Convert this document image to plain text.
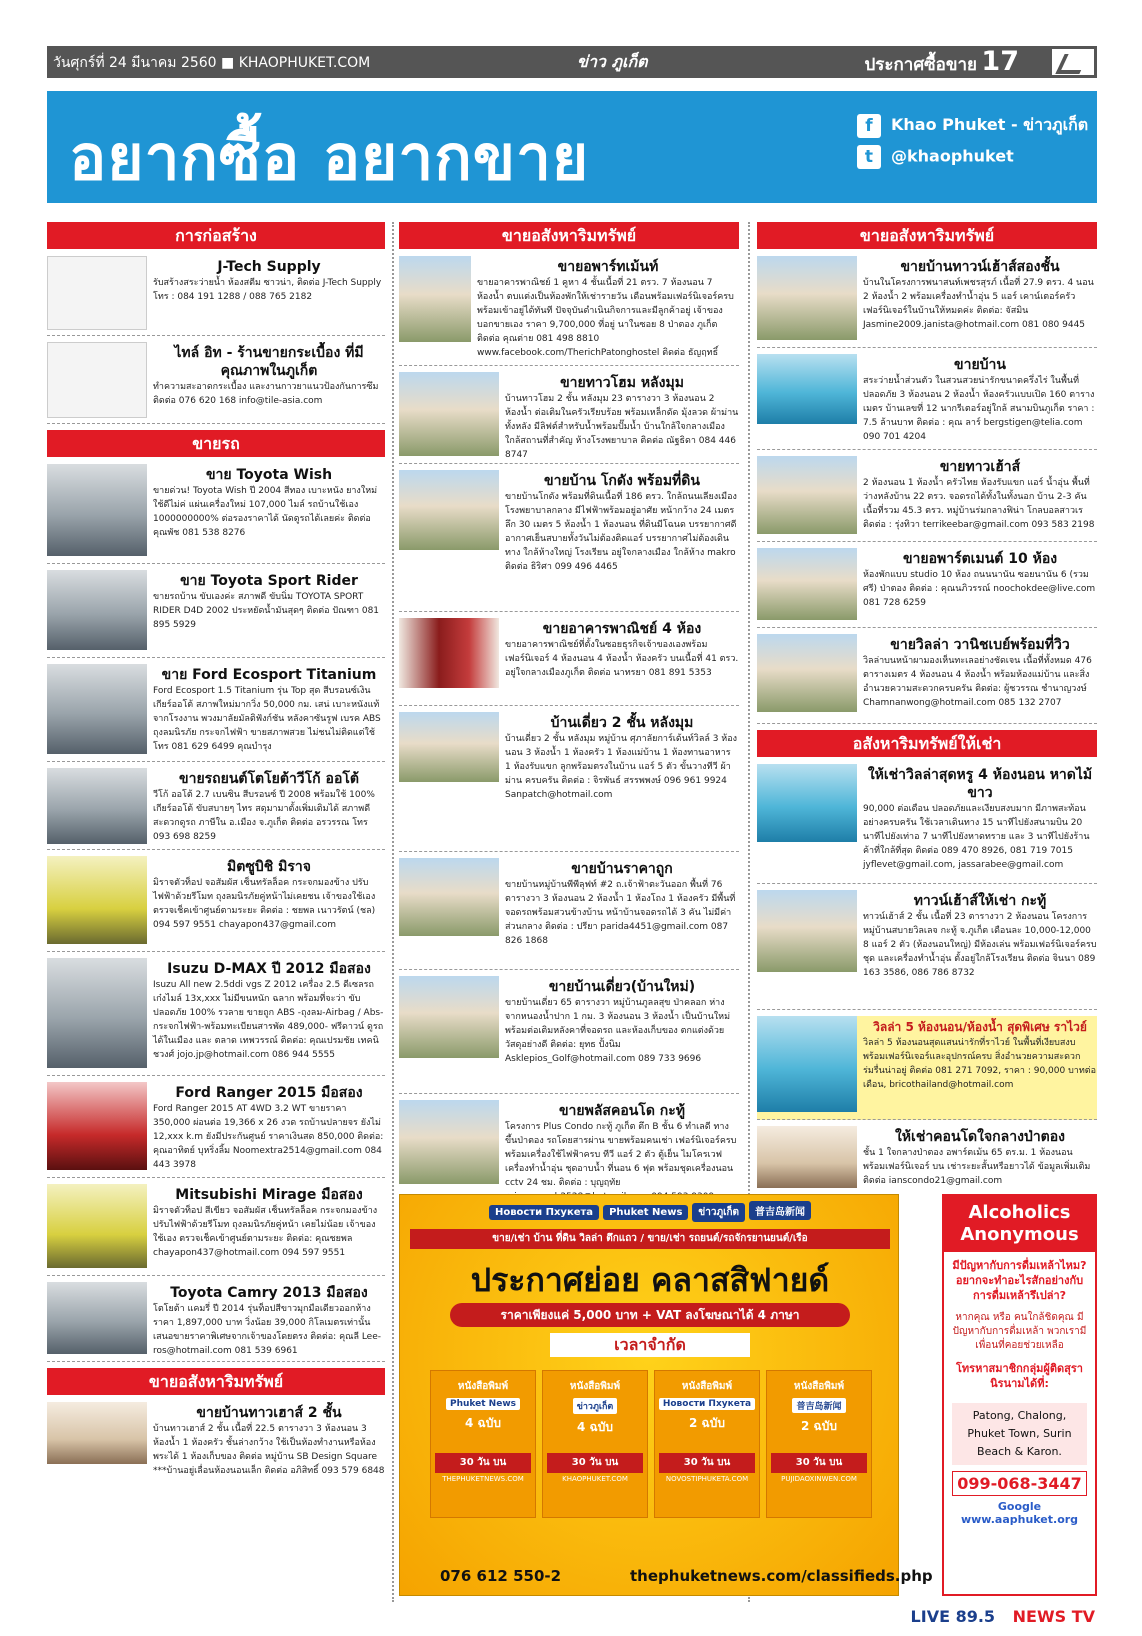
วันศุกร์ที่ 24 มีนาคม 2560 ■ KHAOPHUKET.COM	ข่าว ภูเก็ต	ประกาศซื้อขาย 17
อยากซื้อ อยากขาย	f Khao Phuket - ข่าวภูเก็ต
t @khaophuket
การก่อสร้าง
J-Tech Supply
รับสร้างสระว่ายน้ำ ห้องสตีม ซาวน่า, ติดต่อ J-Tech Supply โทร : 084 191 1288 / 088 765 2182
ไทล์ อิท - ร้านขายกระเบื้อง ที่มีคุณภาพในภูเก็ต
ทำความสะอาดกระเบื้อง และงานกาวยาแนวป้องกันการซึม ติดต่อ 076 620 168 info@tile-asia.com
ขายรถ
ขาย Toyota Wish
ขายด่วน! Toyota Wish ปี 2004 สีทอง เบาะหนัง ยางใหม่ ใช้ดีไม่ค่ แผ่นเครื่องใหม่ 107,000 ไมล์ รถบ้านใช้เอง 1000000000% ต่อรองราคาได้ นัดดูรถได้เลยค่ะ ติดต่อ คุณพัช 081 538 8276
ขาย Toyota Sport Rider
ขายรถบ้าน ขับเองค่ะ สภาพดี ขับนิ่ม TOYOTA SPORT RIDER D4D 2002 ประหยัดน้ำมันสุดๆ ติดต่อ ปัณฑา 081 895 5929
ขาย Ford Ecosport Titanium
Ford Ecosport 1.5 Titanium รุ่น Top สุด สีบรอนซ์เงิน เกียร์ออโต้ สภาพใหม่มากวิ่ง 50,000 กม. เสน่ เบาะหนังแท้ จากโรงงาน พวงมาลัยมัลติฟังก์ชัน หลังคาซันรูฟ เบรค ABS ถุงลมนิรภัย กระจกไฟฟ้า ขายสภาพสวย ไม่ชนไม่ติดแต่ใช้ โทร 081 629 6499 คุณบำรุง
ขายรถยนต์โตโยต้าวีโก้ ออโต้
วีโก้ ออโต้ 2.7 เบนซิน สีบรอนซ์ ปี 2008 พร้อมใช้ 100% เกียร์ออโต้ ขับสบายๆ ไทร สดุมามาตั้งเพิ่มเติมได้ สภาพดี สะดวกดูรถ ภาษีใน อ.เมือง จ.ภูเก็ต ติดต่อ อรวรรณ โทร 093 698 8259
มิตซูบิชิ มิราจ
มิราจตัวท็อป จอสัมผัส เซ็นทรัลล็อค กระจกมองข้าง ปรับไฟฟ้าด้วยรีโมท ถุงลมนิรภัยคู่หน้าไม่เคยชน เจ้าของใช้เอง ตรวจเช็คเข้าศูนย์ตามระยะ ติดต่อ : ชยพล เนาวรัตน์ (ชล) 094 597 9551 chayapon437@gmail.com
Isuzu D-MAX ปี 2012 มือสอง
Isuzu All new 2.5ddi vgs Z 2012 เครื่อง 2.5 ดีเซลรถเก๋งไมล์ 13x,xxx ไม่มีขนหนัก ฉลาก พร้อมที่จะว่า ขับปลอดภัย 100% รวลาย ขายถูก ABS -ถุงลม-Airbag / Abs-กระจกไฟฟ้า-พร้อมทะเบียนสารพัด 489,000- ฟรีดาวน์ ดูรถได้ในเมือง และ ตลาด เทพวรรณ์ ติดต่อ: คุณเปรมชัย เทคนิชวงศ์ jojo.jp@hotmail.com 086 944 5555
Ford Ranger 2015 มือสอง
Ford Ranger 2015 AT 4WD 3.2 WT ขายราคา 350,000 ผ่อนต่อ 19,366 x 26 งวด รถบ้านปลายจร ยังไม่ 12,xxx k.m ยังมีประกันศูนย์ ราคาเงินสด 850,000 ติดต่อ: คุณอาทิตย์ บุหริ่งลิ้ม Noomextra2514@gmail.com 084 443 3978
Mitsubishi Mirage มือสอง
มิราจตัวท็อป สีเขียว จอสัมผัส เซ็นทรัลล็อค กระจกมองข้างปรับไฟฟ้าด้วยรีโมท ถุงลมนิรภัยคู่หน้า เคยไม่น้อย เจ้าของใช้เอง ตรวจเช็คเข้าศูนย์ตามระยะ ติดต่อ: คุณชยพล chayapon437@hotmail.com 094 597 9551
Toyota Camry 2013 มือสอง
โตโยต้า แคมรี่ ปี 2014 รุ่นท็อปสีขาวมุกมือเดียวออกห้าง ราคา 1,897,000 บาท วิ่งน้อย 39,000 กิโลเมตรเท่านั้น เสนอขายราคาพิเศษจากเจ้าของโดยตรง ติดต่อ: คุณลี Lee-ros@hotmail.com 081 539 6961
ขายอสังหาริมทรัพย์
ขายบ้านทาวเฮาส์ 2 ชั้น
บ้านทาวเฮาส์ 2 ชั้น เนื้อที่ 22.5 ตารางวา 3 ห้องนอน 3 ห้องน้ำ 1 ห้องครัว ชั้นล่างกว้าง ใช้เป็นห้องทำงานหรือห้องพระได้ 1 ห้องเก็บของ ติดต่อ หมู่บ้าน SB Design Square ***บ้านอยู่เลื่อนห้องนอนเล็ก ติดต่อ อภิสิทธิ์ 093 579 6848
ขายอสังหาริมทรัพย์
ขายอพาร์ทเม้นท์
ขายอาคารพาณิชย์ 1 คูหา 4 ชั้นเนื้อที่ 21 ตรว. 7 ห้องนอน 7 ห้องน้ำ ตบแต่งเป็นห้องพักให้เช่ารายวัน เดือนพร้อมเฟอร์นิเจอร์ครบ พร้อมเข้าอยู่ได้ทันที ปัจจุบันดำเนินกิจการและมีลูกค้าอยู่ เจ้าของบอกขายเอง ราคา 9,700,000 ที่อยู่ นาในซอย 8 ป่าตอง ภูเก็ต ติดต่อ คุณต่าย 081 498 8810 www.facebook.com/TherichPatonghostel ติดต่อ ธัญฤทธิ์
ขายทาวโฮม หลังมุม
บ้านทาวโฮม 2 ชั้น หลังมุม 23 ตารางวา 3 ห้องนอน 2 ห้องน้ำ ต่อเติมในครัวเรียบร้อย พร้อมเหล็กดัด มุ้งลวด ผ้าม่านทั้งหลัง มีลิฟต์สำหรับน้ำพร้อมปั๊มน้ำ บ้านใกล้ใจกลางเมืองใกล้สถานที่สำคัญ ห้างโรงพยาบาล ติดต่อ ณัฐธิดา 084 446 8747
ขายบ้าน โกดัง พร้อมที่ดิน
ขายบ้านโกดัง พร้อมที่ดินเนื้อที่ 186 ตรว. ใกล้ถนนเลียงเมือง โรงพยาบาลกลาง มีไฟฟ้าพร้อมอยู่อาศัย หน้ากว้าง 24 เมตร ลึก 30 เมตร 5 ห้องน้ำ 1 ห้องนอน ที่ดินมีโฉนด บรรยากาศดี อากาศเย็นสบายทั้งวันไม่ต้องติดแอร์ บรรยากาศไม่ต้องเดินทาง ใกล้ห้างใหญ่ โรงเรียน อยู่ใจกลางเมือง ใกล้ห้าง makro ติดต่อ ธิริศา 099 496 4465
ขายอาคารพาณิชย์ 4 ห้อง
ขายอาคารพาณิชย์ที่ตั้งในซอยธุรกิจเจ้าของเองพร้อมเฟอร์นิเจอร์ 4 ห้องนอน 4 ห้องน้ำ ห้องครัว บนเนื้อที่ 41 ตรว. อยู่ใจกลางเมืองภูเก็ต ติดต่อ นาทรยา 081 891 5353
บ้านเดี่ยว 2 ชั้น หลังมุม
บ้านเดี่ยว 2 ชั้น หลังมุม หมู่บ้าน ศุภาลัยการ์เด้นท์วิลล์ 3 ห้องนอน 3 ห้องน้ำ 1 ห้องครัว 1 ห้องแม่บ้าน 1 ห้องทานอาหาร 1 ห้องรับแขก ลูกพร้อมตรงในบ้าน แอร์ 5 ตัว ขั้นวางทีวี ผ้าม่าน ครบครัน ติดต่อ : จิรพันธ์ สรรพพงษ์ 096 961 9924 Sanpatch@hotmail.com
ขายบ้านราคาถูก
ขายบ้านหมู่บ้านพีพีลุฟท์ #2 ถ.เจ้าฟ้าตะวันออก พื้นที่ 76 ตารางวา 3 ห้องนอน 2 ห้องน้ำ 1 ห้องโถง 1 ห้องครัว มีพื้นที่จอดรถพร้อมสวนข้างบ้าน หน้าบ้านจอดรถได้ 3 คัน ไม่มีค่าส่วนกลาง ติดต่อ : ปรียา parida4451@gmail.com 087 826 1868
ขายบ้านเดี่ยว(บ้านใหม่)
ขายบ้านเดี่ยว 65 ตารางวา หมู่บ้านภูลลสุข ป่าคลอก ห่างจากหนองน้ำปาก 1 กม. 3 ห้องนอน 3 ห้องน้ำ เป็นบ้านใหม่ พร้อมต่อเติมหลังคาที่จอดรถ และห้องเก็บของ ตกแต่งด้วยวัสดุอย่างดี ติดต่อ: ยุทธ ปั้งนิม Asklepios_Golf@hotmail.com 089 733 9696
ขายพลัสคอนโด กะทู้
โครงการ Plus Condo กะทู้ ภูเก็ต ตึก B ชั้น 6 ทำเลดี ทางขึ้นป่าตอง รถโดยสารผ่าน ขายพร้อมคนเช่า เฟอร์นิเจอร์ครบ พร้อมเครื่องใช้ไฟฟ้าครบ ทีวี แอร์ 2 ตัว ตู้เย็น ไมโครเวฟ เครื่องทำน้ำอุ่น ชุดอาบน้ำ ที่นอน 6 ฟุต พร้อมชุดเครื่องนอน cctv 24 ชม. ติดต่อ : บุญฤทัย
ขายอสังหาริมทรัพย์
ขายบ้านทาวน์เฮ้าส์สองชั้น
บ้านในโครงการพนาสนท์เพชรสุรภ์ เนื้อที่ 27.9 ตรว. 4 นอน 2 ห้องน้ำ 2 พร้อมเครื่องทำน้ำอุ่น 5 แอร์ เคาน์เตอร์ครัว เฟอร์นิเจอร์ในบ้านให้หมดค่ะ ติดต่อ: จัสมิน Jasmine2009.janista@hotmail.com 081 080 9445
ขายบ้าน
สระว่ายน้ำส่วนตัว ในสวนสวยน่ารักขนาดครึ่งไร่ ในพื้นที่ปลอดภัย 3 ห้องนอน 2 ห้องน้ำ ห้องครัวแบบเปิด 160 ตารางเมตร บ้านเลขที่ 12 นากรีเตอร์อยู่ใกล้ สนามบินภูเก็ต ราคา : 7.5 ล้านบาท ติดต่อ : คุณ ลาร์ bergstigen@telia.com 090 701 4204
ขายทาวเฮ้าส์
2 ห้องนอน 1 ห้องน้ำ ครัวไทย ห้องรับแขก แอร์ น้ำอุ่น พื้นที่ว่างหลังบ้าน 22 ตรว. จอดรถได้ทั้งในทั้งนอก บ้าน 2-3 คัน เนื้อที่รวม 45.3 ตรว. หมู่บ้านร่มกลางฟิน่า โกลบอลสาวเร ติดต่อ : รุ่งทิวา terrikeebar@gmail.com 093 583 2198
ขายอพาร์ตเมนต์ 10 ห้อง
ห้องพักแบบ studio 10 ห้อง ถนนนานัน ซอยนานัน 6 (รวมศรี) ป่าตอง ติดต่อ : คุณนภิวรรณ์ noochokdee@live.com 081 728 6259
ขายวิลล่า วานิชเบย์พร้อมที่วิว
วิลล่าบนหน้าผามองเห็นทะเลอย่างชัดเจน เนื้อที่ทั้งหมด 476 ตารางเมตร 4 ห้องนอน 4 ห้องน้ำ พร้อมห้องแม่บ้าน และสิ่งอำนวยความสะดวกครบครัน ติดต่อ: ผู้ชวรรณ ชำนาญวงษ์ Chamnanwong@hotmail.com 085 132 2707
อสังหาริมทรัพย์ให้เช่า
ให้เช่าวิลล่าสุดหรู 4 ห้องนอน หาดไม้ขาว
90,000 ต่อเดือน ปลอดภัยและเงียบสงบมาก มีภาพสะท้อนอย่างครบครัน ใช้เวลาเดินทาง 15 นาทีไปยังสนามบิน 20 นาทีไปยังเท่าอ 7 นาทีไปยังหาดทราย และ 3 นาทีไปยังร้านค้าที่ใกล้ที่สุด ติดต่อ 089 470 8926, 081 719 7015 jyflevet@gmail.com, jassarabee@gmail.com
ทาวน์เฮ้าส์ให้เช่า กะทู้
ทาวน์เฮ้าส์ 2 ชั้น เนื้อที่ 23 ตารางวา 2 ห้องนอน โครงการหมู่บ้านสบายวิลเลจ กะทู้ จ.ภูเก็ต เดือนละ 10,000-12,000 8 แอร์ 2 ตัว (ห้องนอนใหญ่) มีห้องเล่น พร้อมเฟอร์นิเจอร์ครบชุด และเครื่องทำน้ำอุ่น ตั้งอยู่ใกล้โรงเรียน ติดต่อ จินนา 089 163 3586, 086 786 8732
วิลล่า 5 ห้องนอน/ห้องน้ำ สุดพิเศษ ราไวย์
วิลล่า 5 ห้องนอนสุดแสนน่ารักที่ราไวย์ ในพื้นที่เงียบสงบ พร้อมเฟอร์นิเจอร์และอุปกรณ์ครบ สิ่งอำนวยความสะดวก ร่มรื่นน่าอยู่ ติดต่อ 081 271 7092, ราคา : 90,000 บาทต่อเดือน, bricothailand@hotmail.com
ให้เช่าคอนโดใจกลางป่าตอง
ชั้น 1 ใจกลางป่าตอง อพาร์ตเม้น 65 ตร.ม. 1 ห้องนอน พร้อมเฟอร์นิเจอร์ บน เช่าระยะสั้นหรือยาวได้ ข้อมูลเพิ่มเติมติดต่อ ianscondo21@gmail.com
Новости Пхукета Phuket News ข่าวภูเก็ต 普吉岛新闻
ขาย/เช่า บ้าน ที่ดิน วิลล่า ตึกแถว / ขาย/เช่า รถยนต์/รถจักรยานยนต์/เรือ
ประกาศย่อย คลาสสิฟายด์
ราคาเพียงแค่ 5,000 บาท + VAT ลงโฆษณาได้ 4 ภาษา
เวลาจำกัด
หนังสือพิมพ์
Phuket News
4 ฉบับ
30 วัน บน
THEPHUKETNEWS.COM
หนังสือพิมพ์
ข่าวภูเก็ต
4 ฉบับ
30 วัน บน
KHAOPHUKET.COM
หนังสือพิมพ์
Новости Пхукета
2 ฉบับ
30 วัน บน
NOVOSTIPHUKETA.COM
หนังสือพิมพ์
普吉岛新闻
2 ฉบับ
30 วัน บน
PUJIDAOXINWEN.COM
076 612 550-2	thephuketnews.com/classifieds.php
Alcoholics Anonymous
มีปัญหากับการดื่มเหล้าไหม? อยากจะทำอะไรสักอย่างกับการดื่มเหล้ารึเปล่า?
หากคุณ หรือ คนใกล้ชิดคุณ มีปัญหากับการดื่มเหล้า พวกเรามีเพื่อนที่คอยช่วยเหลือ
โทรหาสมาชิกกลุ่มผู้ติดสุรานิรนามได้ที่:
Patong, Chalong, Phuket Town, Surin Beach & Karon.
099-068-3447
Google www.aaphuket.org
LIVE 89.5 NEWS TV
